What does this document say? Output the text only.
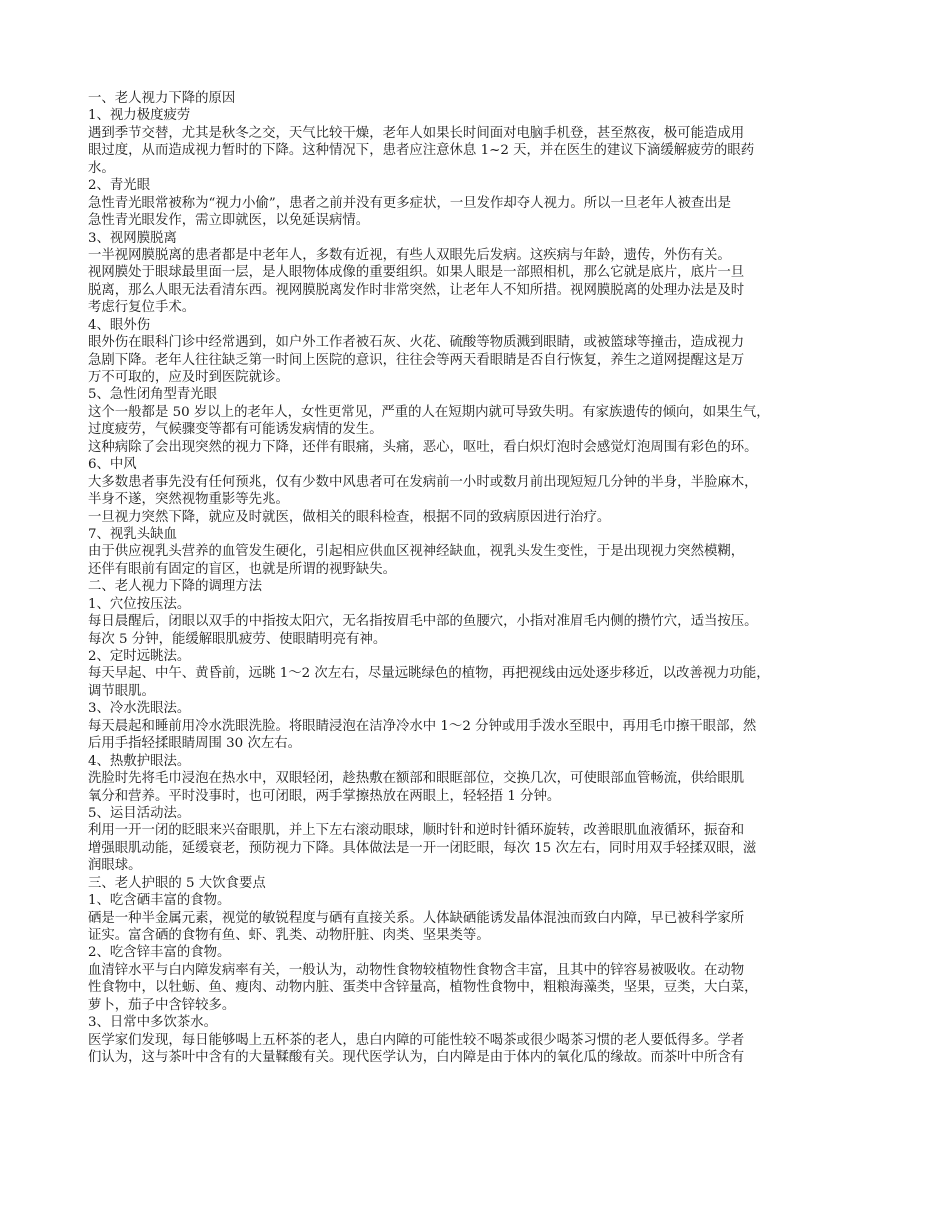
一、老人视力下降的原因
1、视力极度疲劳
遇到季节交替，尤其是秋冬之交，天气比较干燥，老年人如果长时间面对电脑手机登，甚至熬夜，极可能造成用
眼过度，从而造成视力暂时的下降。这种情况下，患者应注意休息 1~2 天，并在医生的建议下滴缓解疲劳的眼药
水。
2、青光眼
急性青光眼常被称为“视力小偷”，患者之前并没有更多症状，一旦发作却夺人视力。所以一旦老年人被查出是
急性青光眼发作，需立即就医，以免延误病情。
3、视网膜脱离
一半视网膜脱离的患者都是中老年人，多数有近视，有些人双眼先后发病。这疾病与年龄，遗传，外伤有关。
视网膜处于眼球最里面一层，是人眼物体成像的重要组织。如果人眼是一部照相机，那么它就是底片，底片一旦
脱离，那么人眼无法看清东西。视网膜脱离发作时非常突然，让老年人不知所措。视网膜脱离的处理办法是及时
考虑行复位手术。
4、眼外伤
眼外伤在眼科门诊中经常遇到，如户外工作者被石灰、火花、硫酸等物质溅到眼睛，或被篮球等撞击，造成视力
急剧下降。老年人往往缺乏第一时间上医院的意识，往往会等两天看眼睛是否自行恢复，养生之道网提醒这是万
万不可取的，应及时到医院就诊。
5、急性闭角型青光眼
这个一般都是 50 岁以上的老年人，女性更常见，严重的人在短期内就可导致失明。有家族遗传的倾向，如果生气，
过度疲劳，气候骤变等都有可能诱发病情的发生。
这种病除了会出现突然的视力下降，还伴有眼痛，头痛，恶心，呕吐，看白炽灯泡时会感觉灯泡周围有彩色的环。
6、中风
大多数患者事先没有任何预兆，仅有少数中风患者可在发病前一小时或数月前出现短短几分钟的半身，半脸麻木，
半身不遂，突然视物重影等先兆。
一旦视力突然下降，就应及时就医，做相关的眼科检查，根据不同的致病原因进行治疗。
7、视乳头缺血
由于供应视乳头营养的血管发生硬化，引起相应供血区视神经缺血，视乳头发生变性，于是出现视力突然模糊，
还伴有眼前有固定的盲区，也就是所谓的视野缺失。
二、老人视力下降的调理方法
1、穴位按压法。
每日晨醒后，闭眼以双手的中指按太阳穴，无名指按眉毛中部的鱼腰穴，小指对准眉毛内侧的攒竹穴，适当按压。
每次 5 分钟，能缓解眼肌疲劳、使眼睛明亮有神。
2、定时远眺法。
每天早起、中午、黄昏前，远眺 1～2 次左右，尽量远眺绿色的植物，再把视线由远处逐步移近，以改善视力功能，
调节眼肌。
3、冷水洗眼法。
每天晨起和睡前用冷水洗眼洗脸。将眼睛浸泡在洁净冷水中 1～2 分钟或用手泼水至眼中，再用毛巾擦干眼部，然
后用手指轻揉眼睛周围 30 次左右。
4、热敷护眼法。
洗脸时先将毛巾浸泡在热水中，双眼轻闭，趁热敷在额部和眼眶部位，交换几次，可使眼部血管畅流，供给眼肌
氧分和营养。平时没事时，也可闭眼，两手掌擦热放在两眼上，轻轻捂 1 分钟。
5、运目活动法。
利用一开一闭的眨眼来兴奋眼肌，并上下左右滚动眼球，顺时针和逆时针循环旋转，改善眼肌血液循环，振奋和
增强眼肌动能，延缓衰老，预防视力下降。具体做法是一开一闭眨眼，每次 15 次左右，同时用双手轻揉双眼，滋
润眼球。
三、老人护眼的 5 大饮食要点
1、吃含硒丰富的食物。
硒是一种半金属元素，视觉的敏锐程度与硒有直接关系。人体缺硒能诱发晶体混浊而致白内障，早已被科学家所
证实。富含硒的食物有鱼、虾、乳类、动物肝脏、肉类、坚果类等。
2、吃含锌丰富的食物。
血清锌水平与白内障发病率有关，一般认为，动物性食物较植物性食物含丰富，且其中的锌容易被吸收。在动物
性食物中，以牡蛎、鱼、瘦肉、动物内脏、蛋类中含锌量高，植物性食物中，粗粮海藻类，坚果，豆类，大白菜，
萝卜，茄子中含锌较多。
3、日常中多饮茶水。
医学家们发现，每日能够喝上五杯茶的老人，患白内障的可能性较不喝茶或很少喝茶习惯的老人要低得多。学者
们认为，这与茶叶中含有的大量鞣酸有关。现代医学认为，白内障是由于体内的氧化瓜的缘故。而茶叶中所含有
